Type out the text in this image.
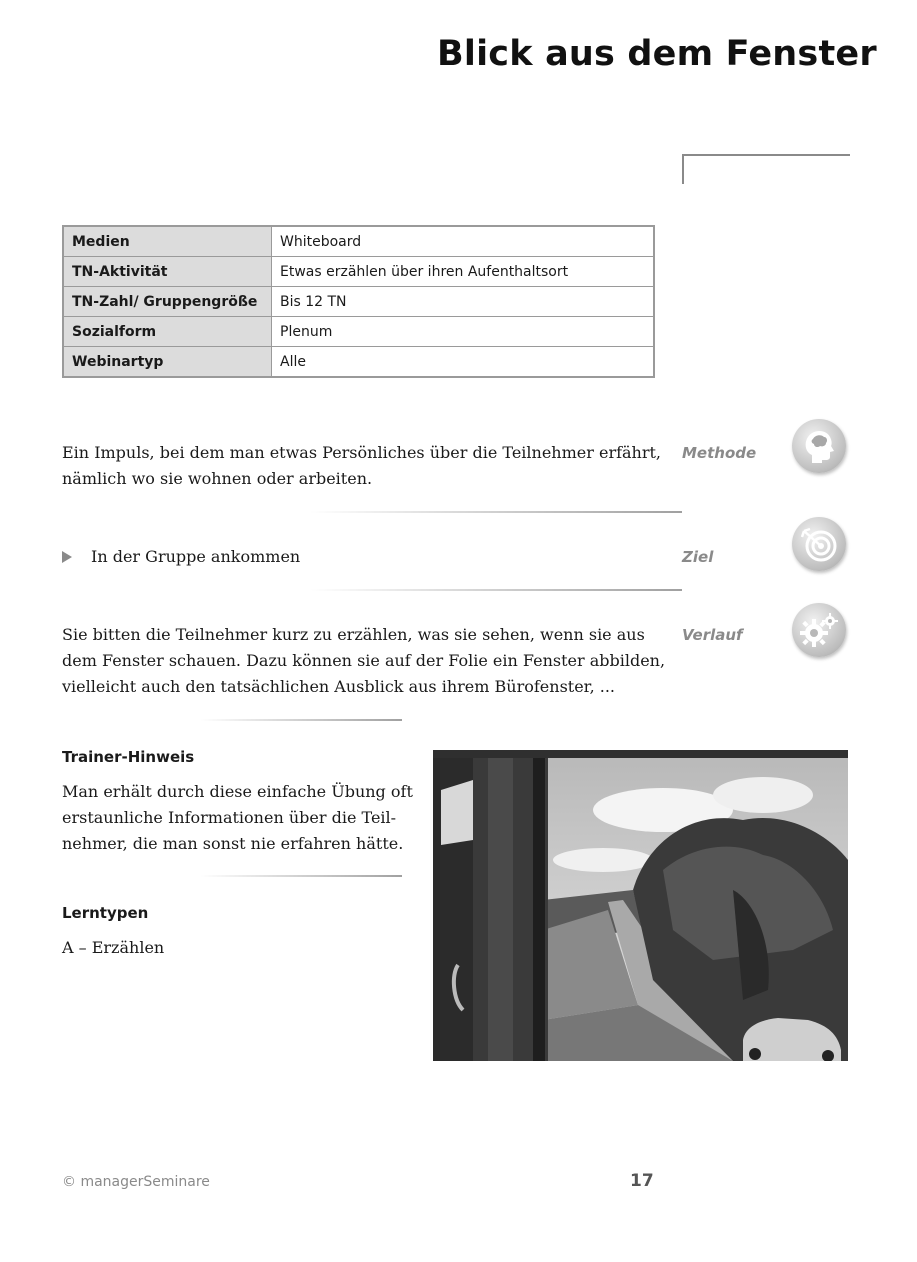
Blick aus dem Fenster
Medien	Whiteboard
TN-Aktivität	Etwas erzählen über ihren Aufenthaltsort
TN-Zahl/ Gruppengröße	Bis 12 TN
Sozialform	Plenum
Webinartyp	Alle
Ein Impuls, bei dem man etwas Persönliches über die Teilnehmer erfährt,
nämlich wo sie wohnen oder arbeiten.
Methode
In der Gruppe ankommen	Ziel
Sie bitten die Teilnehmer kurz zu erzählen, was sie sehen, wenn sie aus
dem Fenster schauen. Dazu können sie auf der Folie ein Fenster abbilden,
vielleicht auch den tatsächlichen Ausblick aus ihrem Bürofenster, ...
Verlauf
Trainer-Hinweis
Man erhält durch diese einfache Übung oft
erstaunliche Informationen über die Teil-
nehmer, die man sonst nie erfahren hätte.
Lerntypen
A – Erzählen
© managerSeminare	17
